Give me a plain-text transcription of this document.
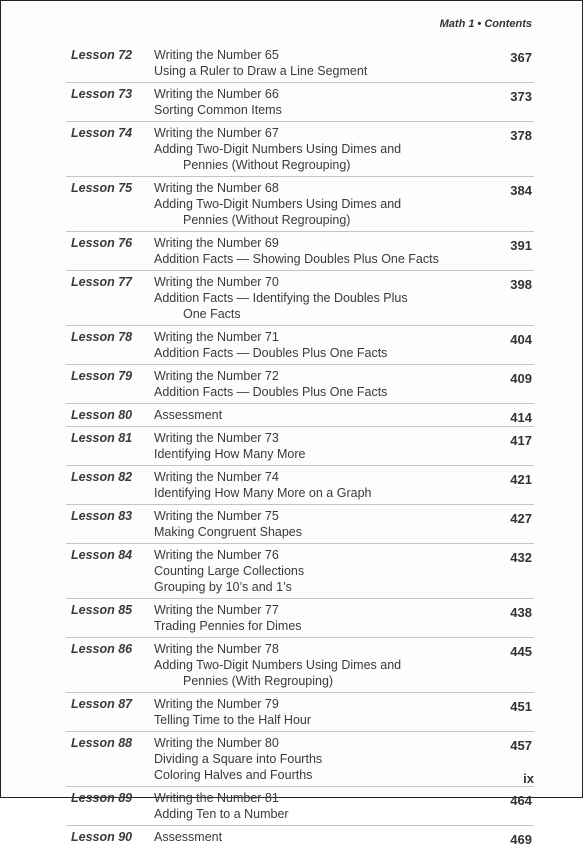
Math 1 • Contents
Lesson 72 Writing the Number 65
Using a Ruler to Draw a Line Segment
367
Lesson 73 Writing the Number 66
Sorting Common Items
373
Lesson 74 Writing the Number 67
Adding Two-Digit Numbers Using Dimes and
Pennies (Without Regrouping)
378
Lesson 75 Writing the Number 68
Adding Two-Digit Numbers Using Dimes and
Pennies (Without Regrouping)
384
Lesson 76 Writing the Number 69
Addition Facts — Showing Doubles Plus One Facts
391
Lesson 77 Writing the Number 70
Addition Facts — Identifying the Doubles Plus
One Facts
398
Lesson 78 Writing the Number 71
Addition Facts — Doubles Plus One Facts
404
Lesson 79 Writing the Number 72
Addition Facts — Doubles Plus One Facts
409
Lesson 80 Assessment	414
Lesson 81 Writing the Number 73
Identifying How Many More
417
Lesson 82 Writing the Number 74
Identifying How Many More on a Graph
421
Lesson 83 Writing the Number 75
Making Congruent Shapes
427
Lesson 84 Writing the Number 76
Counting Large Collections
Grouping by 10’s and 1’s
432
Lesson 85 Writing the Number 77
Trading Pennies for Dimes
438
Lesson 86 Writing the Number 78
Adding Two-Digit Numbers Using Dimes and
Pennies (With Regrouping)
445
Lesson 87 Writing the Number 79
Telling Time to the Half Hour
451
Lesson 88 Writing the Number 80
Dividing a Square into Fourths
Coloring Halves and Fourths
457
Lesson 89 Writing the Number 81
Adding Ten to a Number
464
Lesson 90 Assessment	469
ix
